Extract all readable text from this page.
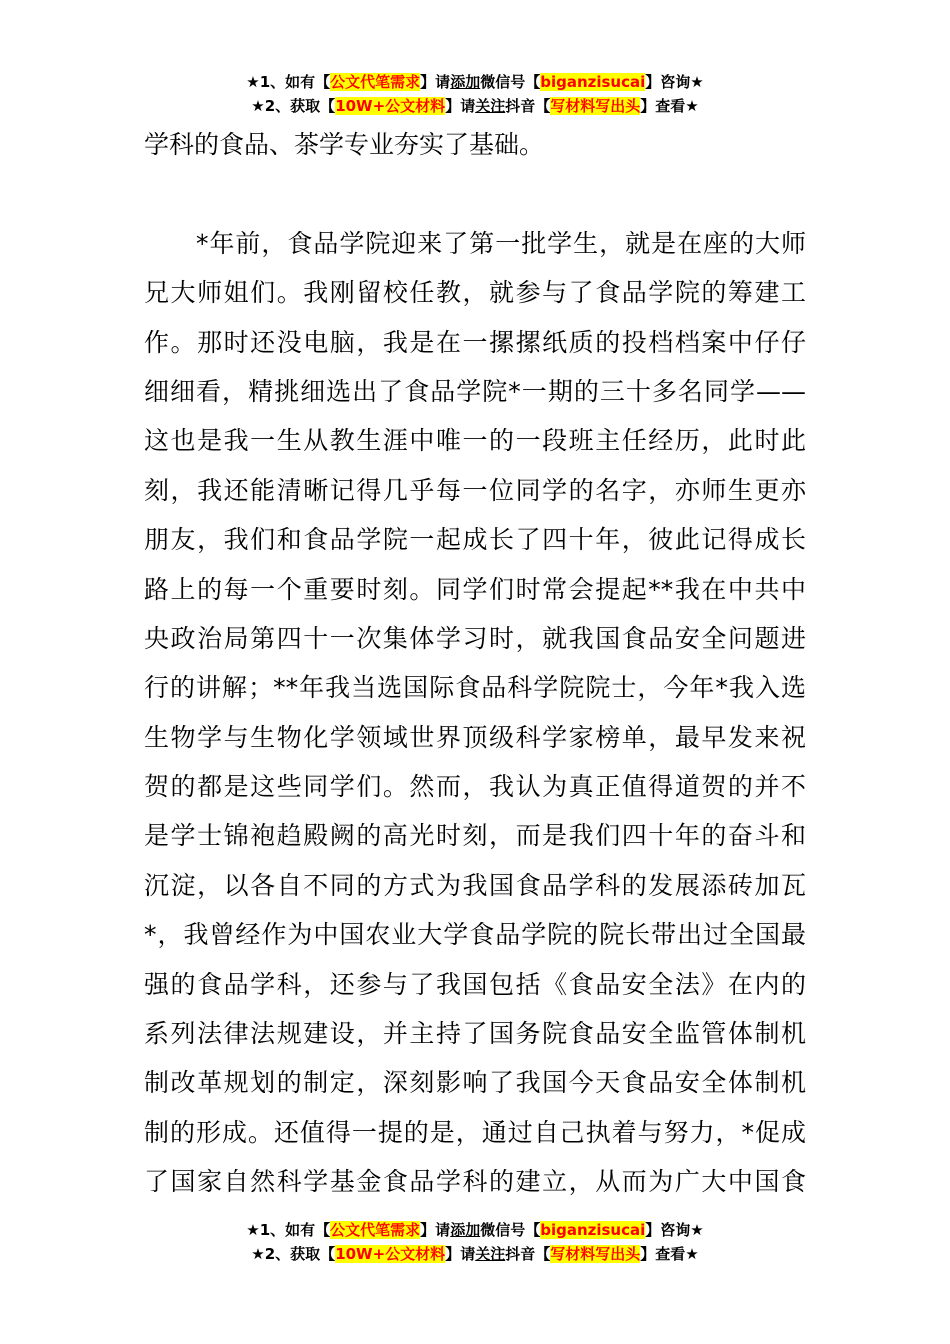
★1、如有【公文代笔需求】请添加微信号【biganzisucai】咨询★
★2、获取【10W+公文材料】请关注抖音【写材料写出头】查看★
学科的食品、茶学专业夯实了基础。
　　*年前，食品学院迎来了第一批学生，就是在座的大师
兄大师姐们。我刚留校任教，就参与了食品学院的筹建工
作。那时还没电脑，我是在一摞摞纸质的投档档案中仔仔
细细看，精挑细选出了食品学院*一期的三十多名同学——
这也是我一生从教生涯中唯一的一段班主任经历，此时此
刻，我还能清晰记得几乎每一位同学的名字，亦师生更亦
朋友，我们和食品学院一起成长了四十年，彼此记得成长
路上的每一个重要时刻。同学们时常会提起**我在中共中
央政治局第四十一次集体学习时，就我国食品安全问题进
行的讲解；**年我当选国际食品科学院院士，今年*我入选
生物学与生物化学领域世界顶级科学家榜单，最早发来祝
贺的都是这些同学们。然而，我认为真正值得道贺的并不
是学士锦袍趋殿阙的高光时刻，而是我们四十年的奋斗和
沉淀，以各自不同的方式为我国食品学科的发展添砖加瓦
*，我曾经作为中国农业大学食品学院的院长带出过全国最
强的食品学科，还参与了我国包括《食品安全法》在内的
系列法律法规建设，并主持了国务院食品安全监管体制机
制改革规划的制定，深刻影响了我国今天食品安全体制机
制的形成。还值得一提的是，通过自己执着与努力，*促成
了国家自然科学基金食品学科的建立，从而为广大中国食
★1、如有【公文代笔需求】请添加微信号【biganzisucai】咨询★
★2、获取【10W+公文材料】请关注抖音【写材料写出头】查看★
